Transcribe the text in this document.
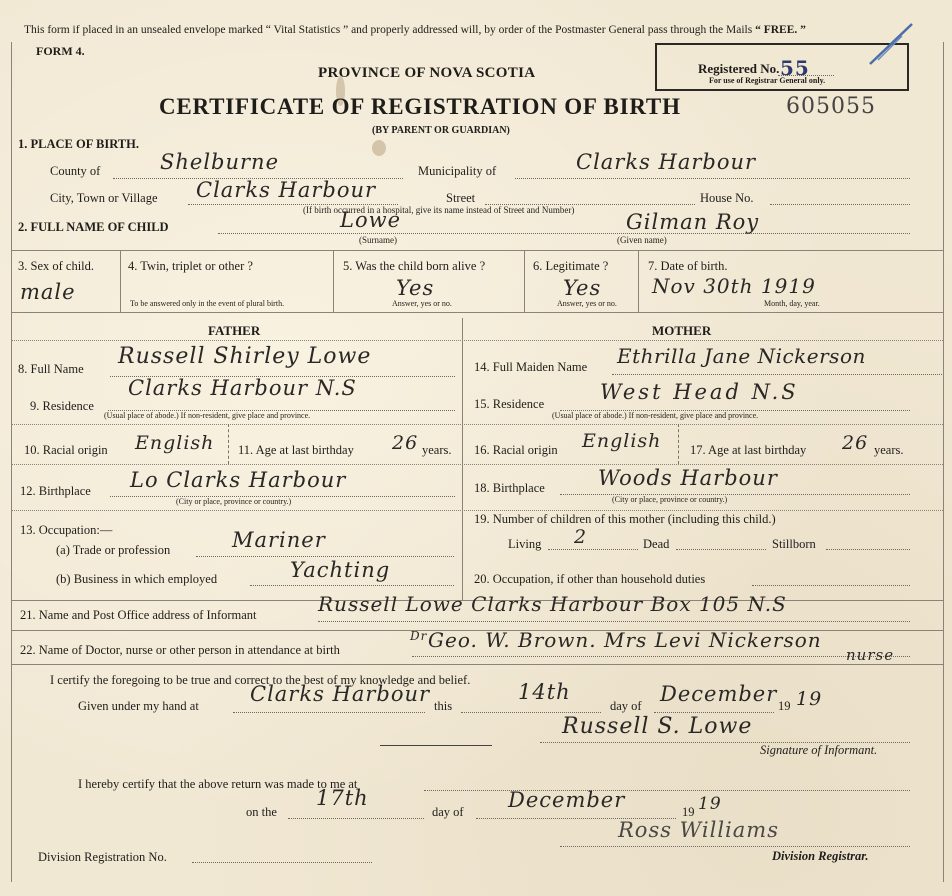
This form if placed in an unsealed envelope marked “ Vital Statistics ” and properly addressed will, by order of the Postmaster General pass through the Mails “ FREE. ”
FORM 4.
PROVINCE OF NOVA SCOTIA
CERTIFICATE OF REGISTRATION OF BIRTH
(BY PARENT OR GUARDIAN)
Registered No. 55
For use of Registrar General only.
605055
1. PLACE OF BIRTH.
County of	Shelburne	Municipality of	Clarks Harbour
City, Town or Village Clarks Harbour	Street	House No.
(If birth occurred in a hospital, give its name instead of Street and Number)
2. FULL NAME OF CHILD	Lowe
(Surname)
Gilman Roy
(Given name)
3. Sex of child.
male
4. Twin, triplet or other ?
To be answered only in the event of plural birth.
5. Was the child born alive ?
Yes
Answer, yes or no.
6. Legitimate ?
Yes
Answer, yes or no.
7. Date of birth.
Nov 30th 1919
Month, day, year.
FATHER	MOTHER
8. Full Name Russell Shirley Lowe
Clarks Harbour N.S
9. Residence
(Usual place of abode.) If non-resident, give place and province.
10. Racial origin English 11. Age at last birthday 26 years.
12. Birthplace Lo Clarks Harbour
(City or place, province or country.)
13. Occupation:—
(a) Trade or profession	Mariner
(b) Business in which employed	Yachting
14. Full Maiden Name Ethrilla Jane Nickerson
15. Residence	West Head N.S
(Usual place of abode.) If non-resident, give place and province.
16. Racial origin English 17. Age at last birthday 26 years.
18. Birthplace	Woods Harbour
(City or place, province or country.)
19. Number of children of this mother (including this child.)
Living 2	Dead	Stillborn
20. Occupation, if other than household duties
21. Name and Post Office address of Informant	Russell Lowe Clarks Harbour Box 105 N.S
22. Name of Doctor, nurse or other person in attendance at birth
Dr Geo. W. Brown. Mrs Levi Nickerson
nurse
I certify the foregoing to be true and correct to the best of my knowledge and belief.
Given under my hand at Clarks Harbour this
14th
day of December 19 19
Russell S. Lowe
Signature of Informant.
I hereby certify that the above return was made to me at
on the
17th
day of December	19 19
Ross Williams
Division Registration No.	Division Registrar.
